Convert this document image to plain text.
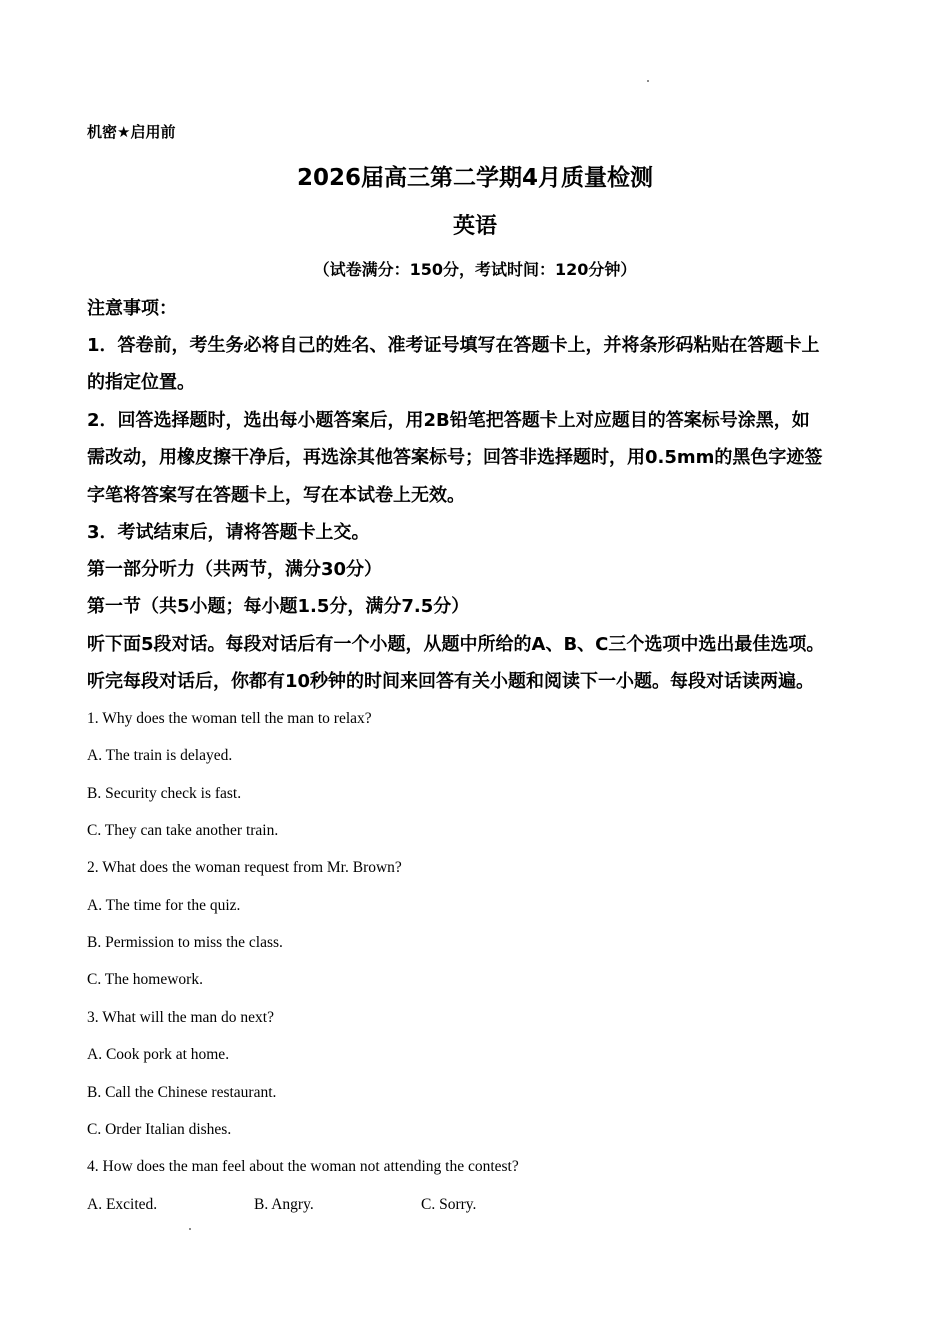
机密★启用前
2026届高三第二学期4月质量检测
英语
（试卷满分：150分，考试时间：120分钟）
注意事项：
1．答卷前，考生务必将自己的姓名、准考证号填写在答题卡上，并将条形码粘贴在答题卡上
的指定位置。
2．回答选择题时，选出每小题答案后，用2B铅笔把答题卡上对应题目的答案标号涂黑，如
需改动，用橡皮擦干净后，再选涂其他答案标号；回答非选择题时，用0.5mm的黑色字迹签
字笔将答案写在答题卡上，写在本试卷上无效。
3．考试结束后，请将答题卡上交。
第一部分听力（共两节，满分30分）
第一节（共5小题；每小题1.5分，满分7.5分）
听下面5段对话。每段对话后有一个小题，从题中所给的A、B、C三个选项中选出最佳选项。
听完每段对话后，你都有10秒钟的时间来回答有关小题和阅读下一小题。每段对话读两遍。
1. Why does the woman tell the man to relax?
A. The train is delayed.
B. Security check is fast.
C. They can take another train.
2. What does the woman request from Mr. Brown?
A. The time for the quiz.
B. Permission to miss the class.
C. The homework.
3. What will the man do next?
A. Cook pork at home.
B. Call the Chinese restaurant.
C. Order Italian dishes.
4. How does the man feel about the woman not attending the contest?
A. Excited.	B. Angry.	C. Sorry.
